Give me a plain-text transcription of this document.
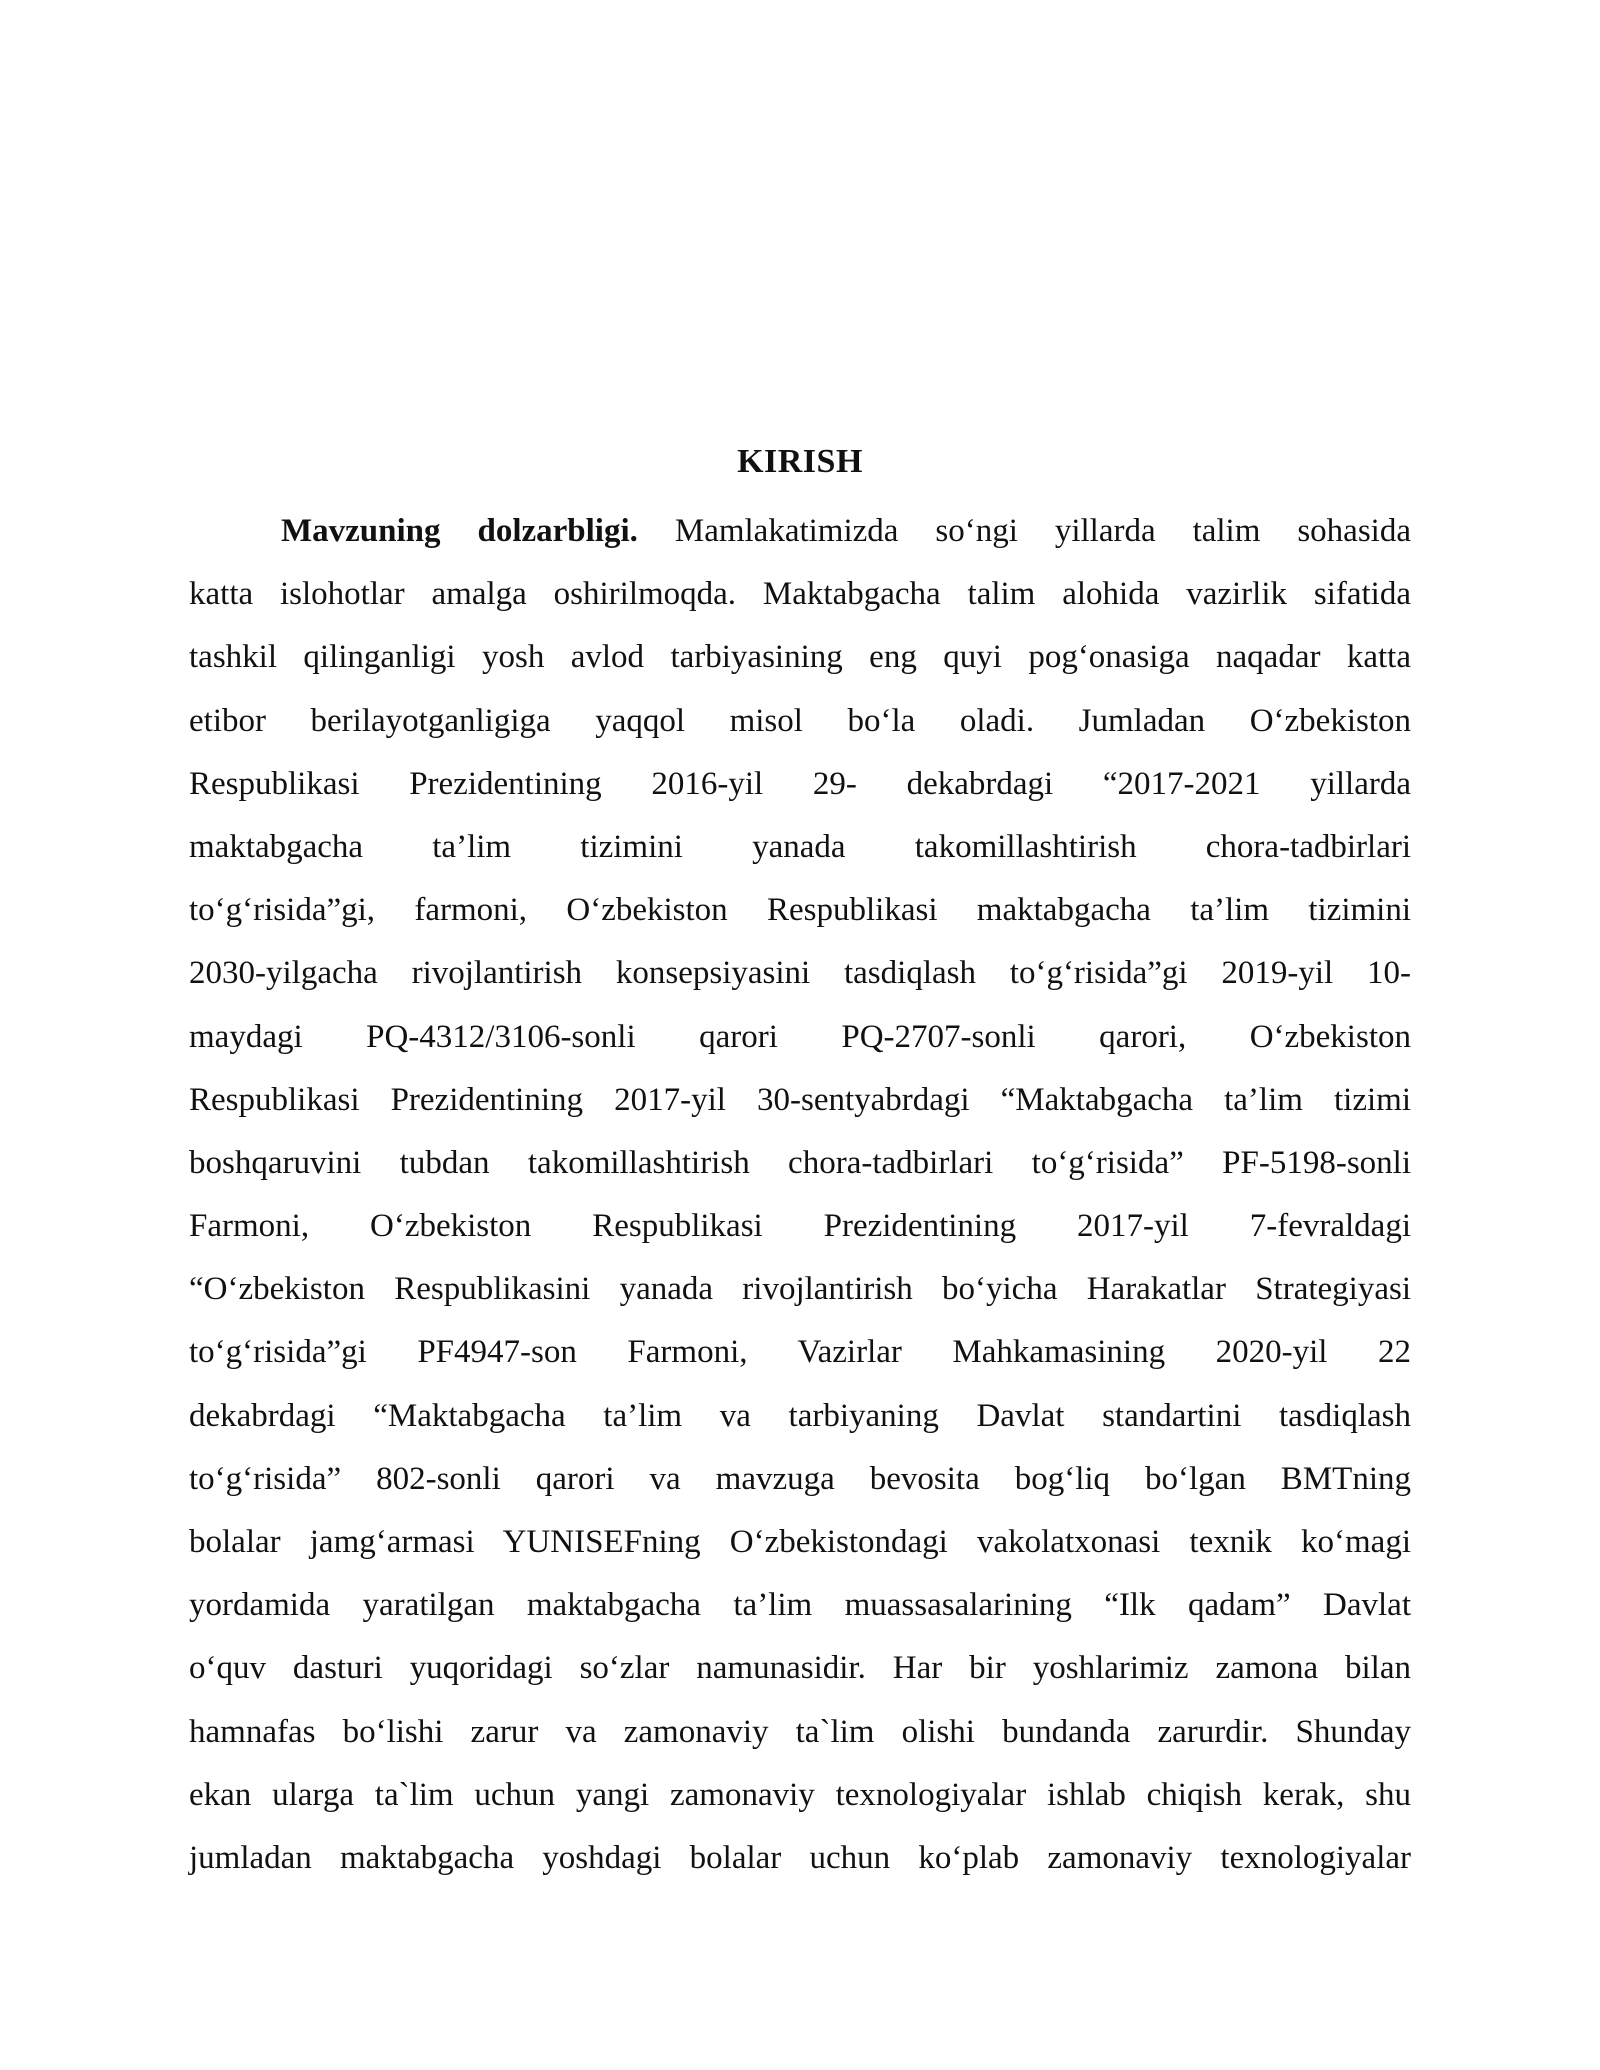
KIRISH
Mavzuning dolzarbligi. Mamlakatimizda so‘ngi yillarda talim sohasida
katta islohotlar amalga oshirilmoqda. Maktabgacha talim alohida vazirlik sifatida
tashkil qilinganligi yosh avlod tarbiyasining eng quyi pog‘onasiga naqadar katta
etibor berilayotganligiga yaqqol misol bo‘la oladi. Jumladan O‘zbekiston
Respublikasi Prezidentining 2016-yil 29- dekabrdagi “2017-2021 yillarda
maktabgacha ta’lim tizimini yanada takomillashtirish chora-tadbirlari
to‘g‘risida”gi, farmoni, O‘zbekiston Respublikasi maktabgacha ta’lim tizimini
2030-yilgacha rivojlantirish konsepsiyasini tasdiqlash to‘g‘risida”gi 2019-yil 10-
maydagi PQ-4312/3106-sonli qarori PQ-2707-sonli qarori, O‘zbekiston
Respublikasi Prezidentining 2017-yil 30-sentyabrdagi “Maktabgacha ta’lim tizimi
boshqaruvini tubdan takomillashtirish chora-tadbirlari to‘g‘risida” PF-5198-sonli
Farmoni, O‘zbekiston Respublikasi Prezidentining 2017-yil 7-fevraldagi
“O‘zbekiston Respublikasini yanada rivojlantirish bo‘yicha Harakatlar Strategiyasi
to‘g‘risida”gi PF4947-son Farmoni, Vazirlar Mahkamasining 2020-yil 22
dekabrdagi “Maktabgacha ta’lim va tarbiyaning Davlat standartini tasdiqlash
to‘g‘risida” 802-sonli qarori va mavzuga bevosita bog‘liq bo‘lgan BMTning
bolalar jamg‘armasi YUNISEFning O‘zbekistondagi vakolatxonasi texnik ko‘magi
yordamida yaratilgan maktabgacha ta’lim muassasalarining “Ilk qadam” Davlat
o‘quv dasturi yuqoridagi so‘zlar namunasidir. Har bir yoshlarimiz zamona bilan
hamnafas bo‘lishi zarur va zamonaviy ta`lim olishi bundanda zarurdir. Shunday
ekan ularga ta`lim uchun yangi zamonaviy texnologiyalar ishlab chiqish kerak, shu
jumladan maktabgacha yoshdagi bolalar uchun ko‘plab zamonaviy texnologiyalar
